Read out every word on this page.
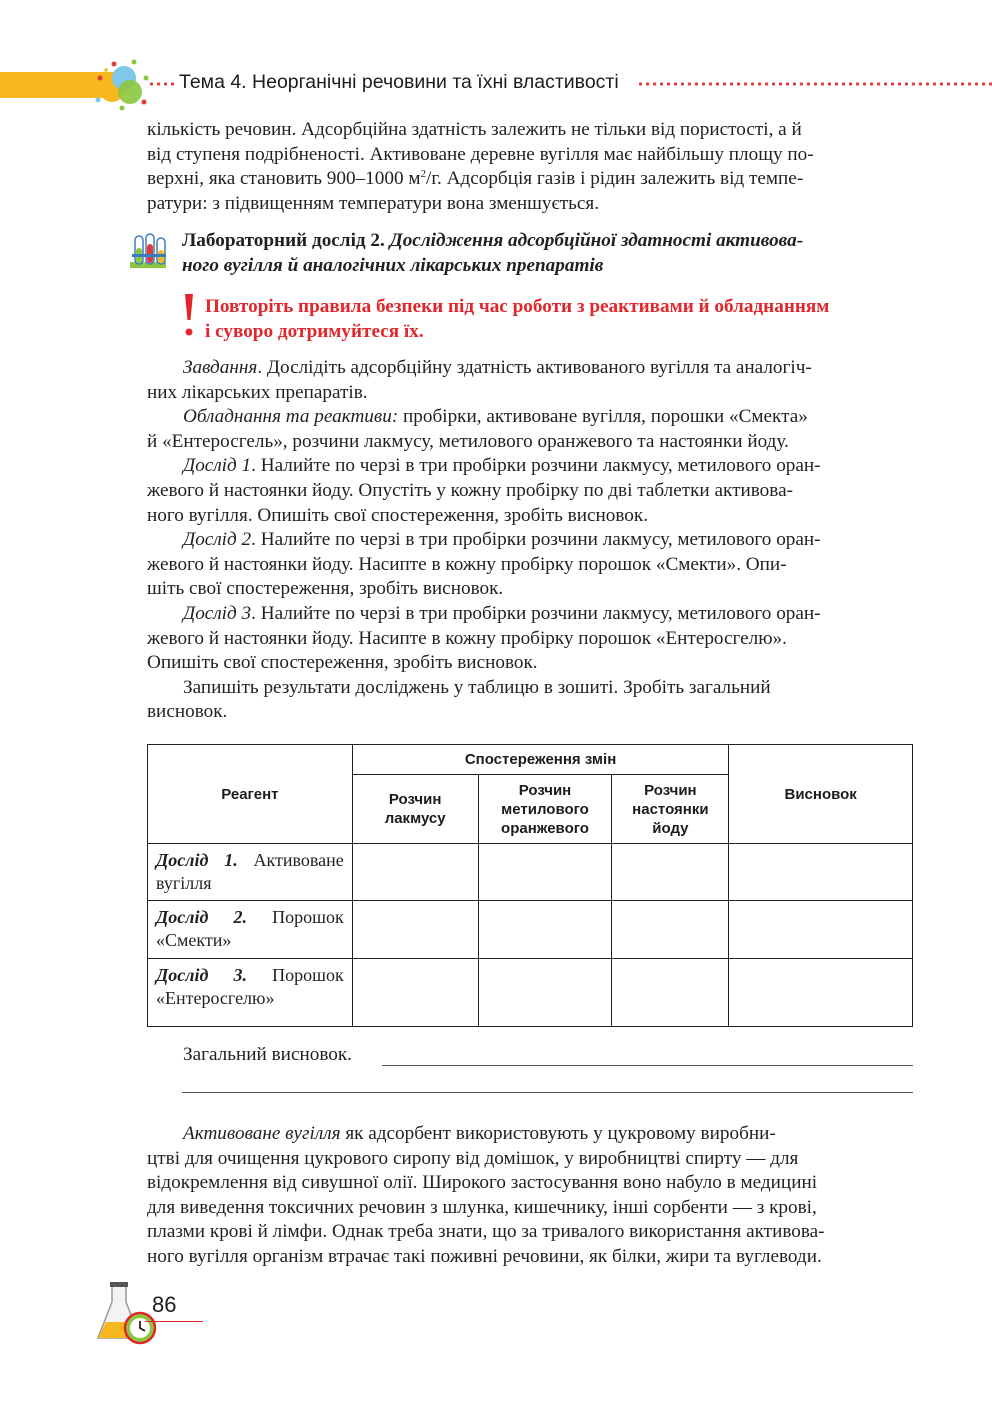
Тема 4. Неорганічні речовини та їхні властивості
кількість речовин. Адсорбційна здатність залежить не тільки від пористості, а й
від ступеня подрібненості. Активоване деревне вугілля має найбільшу площу по-
верхні, яка становить 900–1000 $м^2/г$. Адсорбція газів і рідин залежить від темпе-
ратури: з підвищенням температури вона зменшується.
Лабораторний дослід 2. Дослідження адсорбційної здатності активова-
ного вугілля й аналогічних лікарських препаратів
Повторіть правила безпеки під час роботи з реактивами й обладнанням
і суворо дотримуйтеся їх.
Завдання. Дослідіть адсорбційну здатність активованого вугілля та аналогіч-
них лікарських препаратів.
Обладнання та реактиви: пробірки, активоване вугілля, порошки «Смекта»
й «Ентеросгель», розчини лакмусу, метилового оранжевого та настоянки йоду.
Дослід 1. Налийте по черзі в три пробірки розчини лакмусу, метилового оран-
жевого й настоянки йоду. Опустіть у кожну пробірку по дві таблетки активова-
ного вугілля. Опишіть свої спостереження, зробіть висновок.
Дослід 2. Налийте по черзі в три пробірки розчини лакмусу, метилового оран-
жевого й настоянки йоду. Насипте в кожну пробірку порошок «Смекти». Опи-
шіть свої спостереження, зробіть висновок.
Дослід 3. Налийте по черзі в три пробірки розчини лакмусу, метилового оран-
жевого й настоянки йоду. Насипте в кожну пробірку порошок «Ентеросгелю».
Опишіть свої спостереження, зробіть висновок.
Запишіть результати досліджень у таблицю в зошиті. Зробіть загальний
висновок.
Реагент	Спостереження змін			Висновок
	Розчин лакмусу	Розчин метилового оранжевого	Розчин настоянки йоду	
Дослід 1. Активоване вугілля				
Дослід 2. Порошок «Смекти»				
Дослід 3. Порошок «Ентеросгелю»				
Загальний висновок.
Активоване вугілля як адсорбент використовують у цукровому виробни-
цтві для очищення цукрового сиропу від домішок, у виробництві спирту — для
відокремлення від сивушної олії. Широкого застосування воно набуло в медицині
для виведення токсичних речовин з шлунка, кишечнику, інші сорбенти — з крові,
плазми крові й лімфи. Однак треба знати, що за тривалого використання активова-
ного вугілля організм втрачає такі поживні речовини, як білки, жири та вуглеводи.
86
